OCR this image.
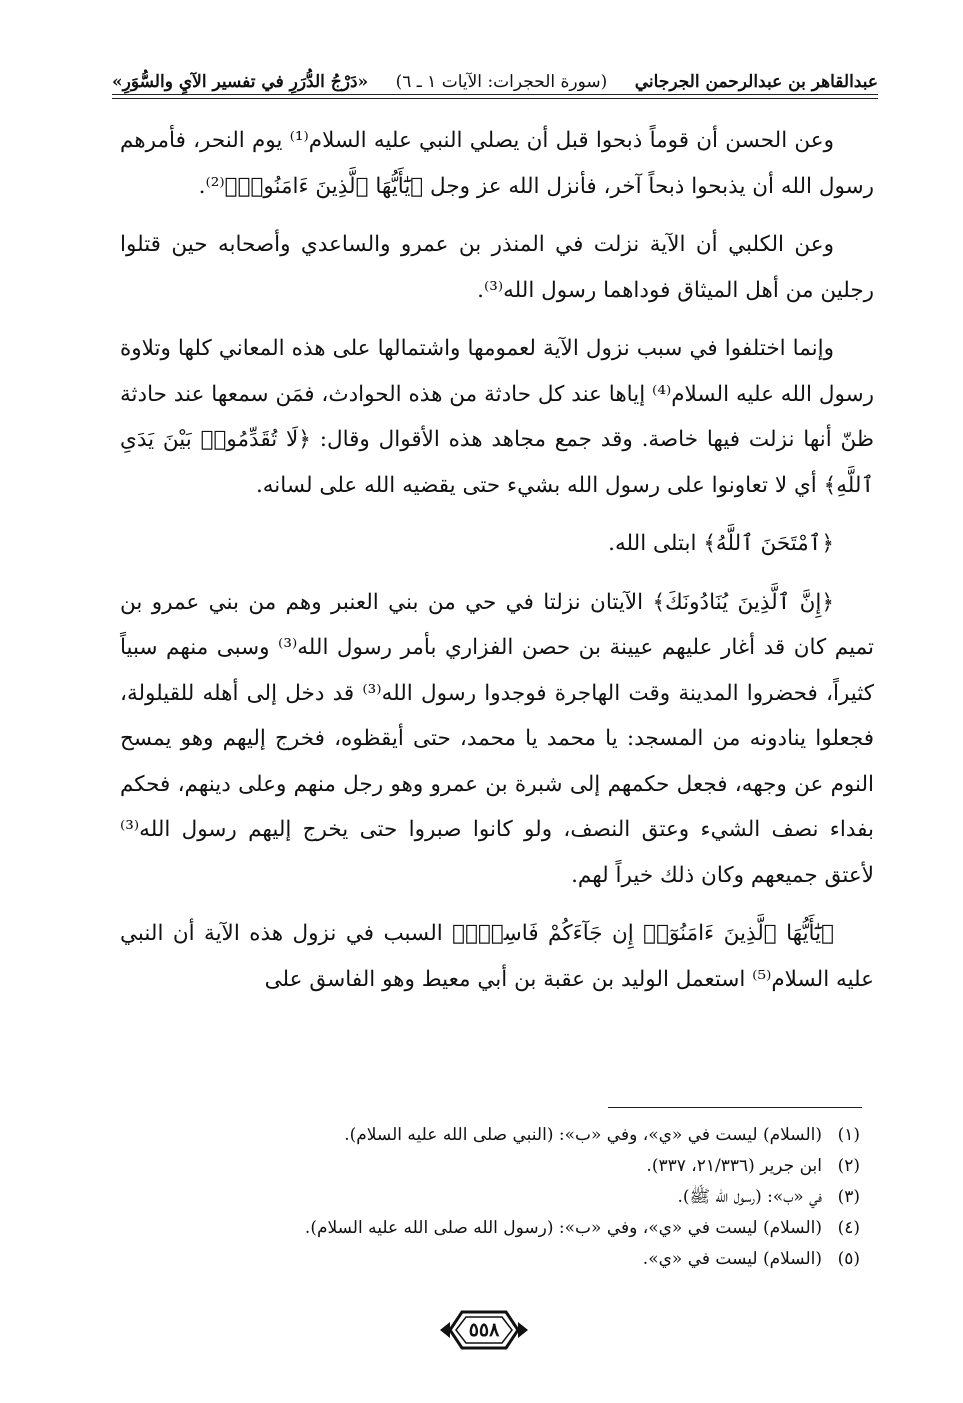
عبدالقاهر بن عبدالرحمن الجرجاني
(سورة الحجرات: الآيات ١ ـ ٦)
«دَرْجُ الدُّرَرِ في تفسير الآيِ والسُّوَرِ»

وعن الحسن أن قوماً ذبحوا قبل أن يصلي النبي عليه السلام⁽¹⁾ يوم النحر، فأمرهم رسول الله أن يذبحوا ذبحاً آخر، فأنزل الله عز وجل ﴿يَٰٓأَيُّهَا ٱلَّذِينَ ءَامَنُوا۟﴾⁽²⁾.

وعن الكلبي أن الآية نزلت في المنذر بن عمرو والساعدي وأصحابه حين قتلوا رجلين من أهل الميثاق فوداهما رسول الله⁽³⁾.

وإنما اختلفوا في سبب نزول الآية لعمومها واشتمالها على هذه المعاني كلها وتلاوة رسول الله عليه السلام⁽⁴⁾ إياها عند كل حادثة من هذه الحوادث، فمَن سمعها عند حادثة ظنّ أنها نزلت فيها خاصة. وقد جمع مجاهد هذه الأقوال وقال: ﴿لَا تُقَدِّمُوا۟ بَيْنَ يَدَىِ ٱللَّهِ﴾ أي لا تعاونوا على رسول الله بشيء حتى يقضيه الله على لسانه.

﴿ٱمْتَحَنَ ٱللَّهُ﴾ ابتلى الله.

﴿إِنَّ ٱلَّذِينَ يُنَادُونَكَ﴾ الآيتان نزلتا في حي من بني العنبر وهم من بني عمرو بن تميم كان قد أغار عليهم عيينة بن حصن الفزاري بأمر رسول الله⁽³⁾ وسبى منهم سبياً كثيراً، فحضروا المدينة وقت الهاجرة فوجدوا رسول الله⁽³⁾ قد دخل إلى أهله للقيلولة، فجعلوا ينادونه من المسجد: يا محمد يا محمد، حتى أيقظوه، فخرج إليهم وهو يمسح النوم عن وجهه، فجعل حكمهم إلى شبرة بن عمرو وهو رجل منهم وعلى دينهم، فحكم بفداء نصف الشيء وعتق النصف، ولو كانوا صبروا حتى يخرج إليهم رسول الله⁽³⁾ لأعتق جميعهم وكان ذلك خيراً لهم.

﴿يَٰٓأَيُّهَا ٱلَّذِينَ ءَامَنُوٓا۟ إِن جَآءَكُمْ فَاسِقٌۢ﴾ السبب في نزول هذه الآية أن النبي عليه السلام⁽⁵⁾ استعمل الوليد بن عقبة بن أبي معيط وهو الفاسق على

(١)
(السلام) ليست في «ي»، وفي «ب»: (النبي صلى الله عليه السلام).
(٢)
ابن جرير (٢١/٣٣٦، ٣٣٧).
(٣)
في «ب»: (رسول الله ﷺ).
(٤)
(السلام) ليست في «ي»، وفي «ب»: (رسول الله صلى الله عليه السلام).
(٥)
(السلام) ليست في «ي».
٥٥٨
